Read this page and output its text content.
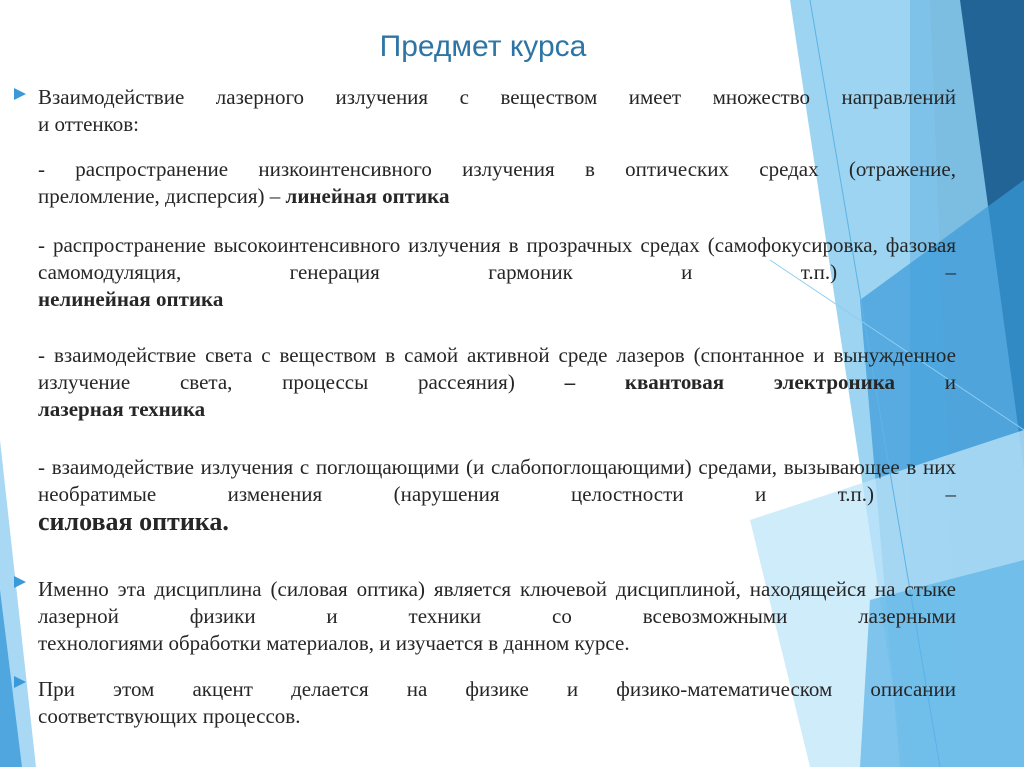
Предмет курса
Взаимодействие лазерного излучения с веществом имеет множество направлений
и оттенков:
- распространение низкоинтенсивного излучения в оптических средах (отражение,
преломление, дисперсия) – линейная оптика
- распространение высокоинтенсивного излучения в прозрачных средах (самофокусировка, фазовая самомодуляция, генерация гармоник и т.п.) –
нелинейная оптика
- взаимодействие света с веществом в самой активной среде лазеров (спонтанное и вынужденное излучение света, процессы рассеяния) – квантовая электроника и
лазерная техника
- взаимодействие излучения с поглощающими (и слабопоглощающими) средами, вызывающее в них необратимые изменения (нарушения целостности и т.п.) –
силовая оптика.
Именно эта дисциплина (силовая оптика) является ключевой дисциплиной, находящейся на стыке лазерной физики и техники со всевозможными лазерными
технологиями обработки материалов, и изучается в данном курсе.
При этом акцент делается на физике и физико-математическом описании
соответствующих процессов.
